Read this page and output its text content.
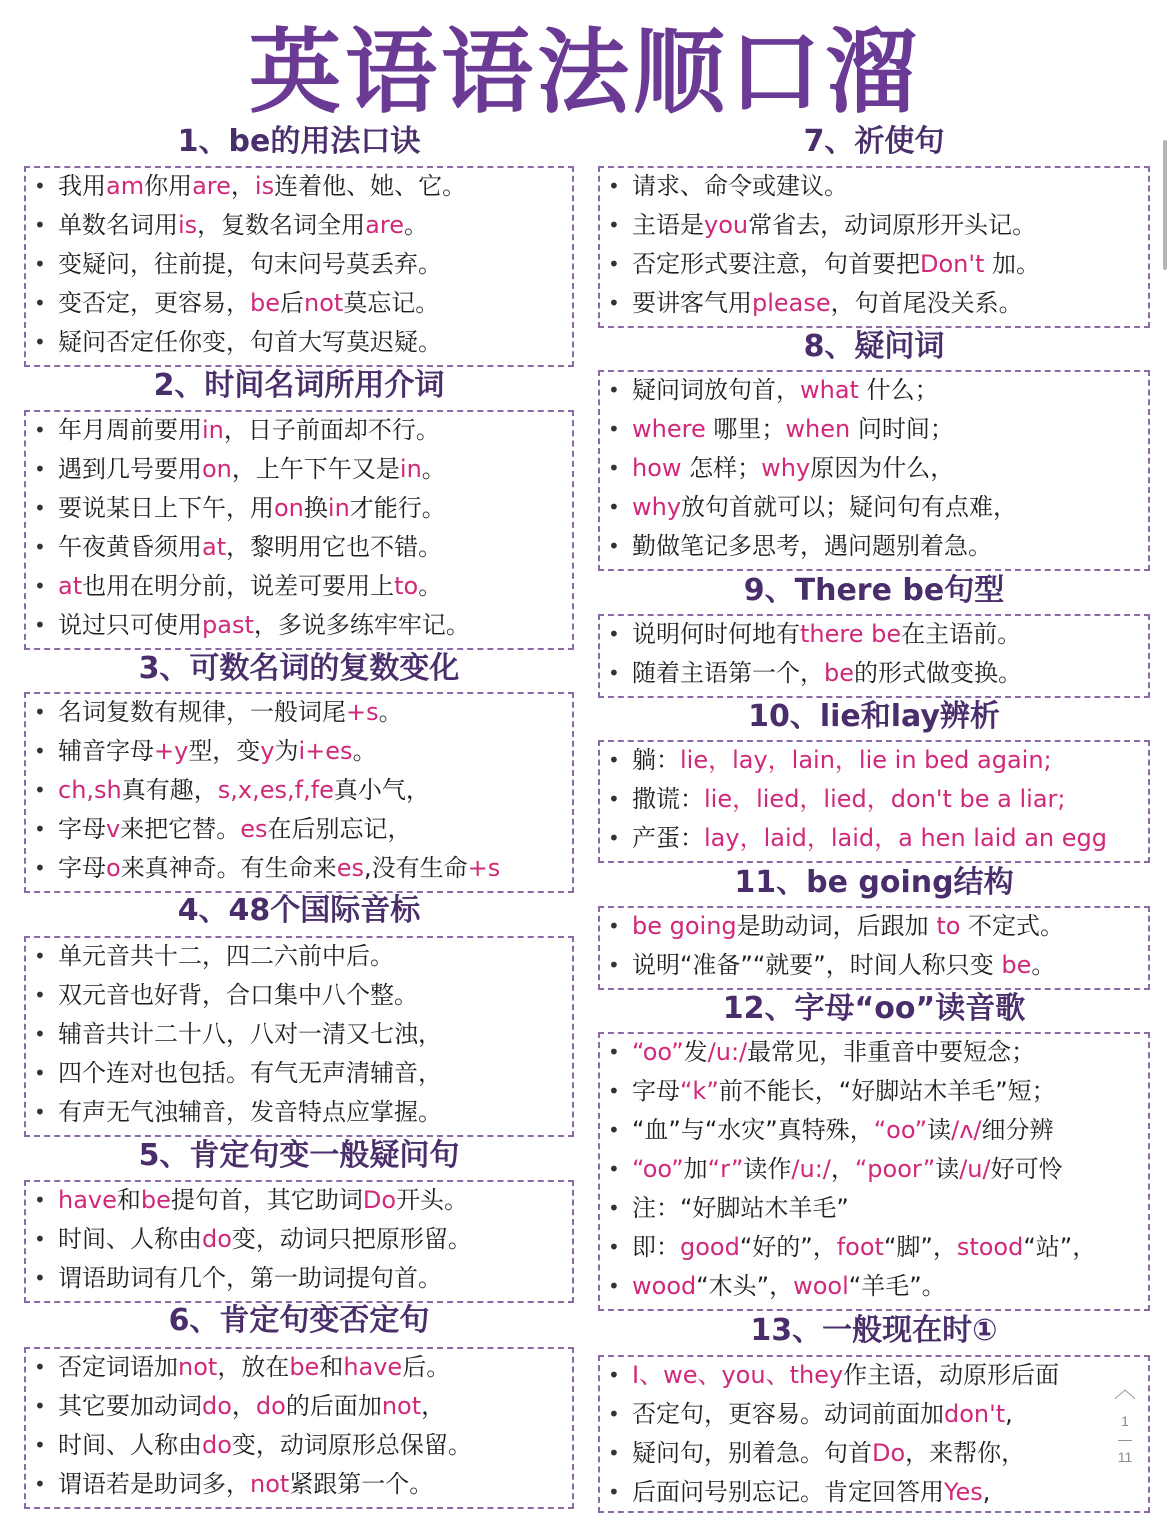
英语语法顺口溜
1、be的用法口诀
• 我用am你用are，is连着他、她、它。
• 单数名词用is，复数名词全用are。
• 变疑问，往前提，句末问号莫丢弃。
• 变否定，更容易，be后not莫忘记。
• 疑问否定任你变，句首大写莫迟疑。
2、时间名词所用介词
• 年月周前要用in，日子前面却不行。
• 遇到几号要用on，上午下午又是in。
• 要说某日上下午，用on换in才能行。
• 午夜黄昏须用at，黎明用它也不错。
• at也用在明分前，说差可要用上to。
• 说过只可使用past，多说多练牢牢记。
3、可数名词的复数变化
• 名词复数有规律，一般词尾+s。
• 辅音字母+y型，变y为i+es。
• ch,sh真有趣，s,x,es,f,fe真小气，
• 字母v来把它替。es在后别忘记，
• 字母o来真神奇。有生命来es,没有生命+s
4、48个国际音标
• 单元音共十二，四二六前中后。
• 双元音也好背，合口集中八个整。
• 辅音共计二十八，八对一清又七浊，
• 四个连对也包括。有气无声清辅音，
• 有声无气浊辅音，发音特点应掌握。
5、肯定句变一般疑问句
• have和be提句首，其它助词Do开头。
• 时间、人称由do变，动词只把原形留。
• 谓语助词有几个，第一助词提句首。
6、肯定句变否定句
• 否定词语加not，放在be和have后。
• 其它要加动词do，do的后面加not，
• 时间、人称由do变，动词原形总保留。
• 谓语若是助词多，not紧跟第一个。
7、祈使句
• 请求、命令或建议。
• 主语是you常省去，动词原形开头记。
• 否定形式要注意，句首要把Don't 加。
• 要讲客气用please，句首尾没关系。
8、疑问词
• 疑问词放句首，what 什么；
• where 哪里；when 问时间；
• how 怎样；why原因为什么，
• why放句首就可以；疑问句有点难，
• 勤做笔记多思考，遇问题别着急。
9、There be句型
• 说明何时何地有there be在主语前。
• 随着主语第一个，be的形式做变换。
10、lie和lay辨析
• 躺：lie，lay，lain，lie in bed again;
• 撒谎：lie，lied，lied，don't be a liar;
• 产蛋：lay，laid，laid，a hen laid an egg
11、be going结构
• be going是助动词，后跟加 to 不定式。
• 说明“准备”“就要”，时间人称只变 be。
12、字母“oo”读音歌
• “oo”发/u:/最常见，非重音中要短念；
• 字母“k”前不能长，“好脚站木羊毛”短；
• “血”与“水灾”真特殊，“oo”读/ʌ/细分辨
• “oo”加“r”读作/u:/，“poor”读/u/好可怜
• 注：“好脚站木羊毛”
• 即：good“好的”，foot“脚”，stood“站”，
• wood“木头”，wool“羊毛”。
13、一般现在时①
• I、we、you、they作主语，动原形后面
• 否定句，更容易。动词前面加don't,
• 疑问句，别着急。句首Do，来帮你，
• 后面问号别忘记。肯定回答用Yes,
︿
1
—
11
